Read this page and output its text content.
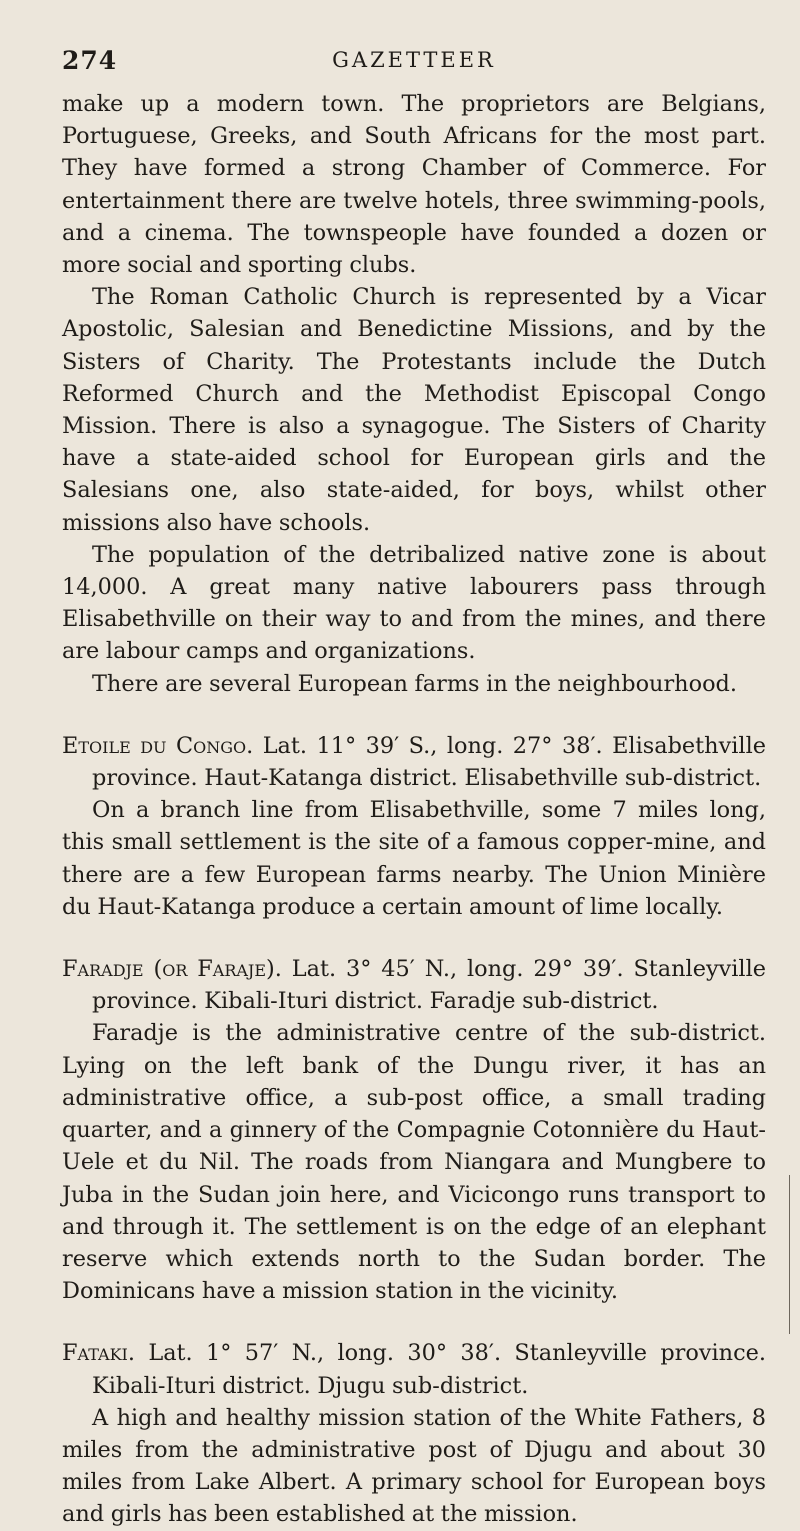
274	GAZETTEER

make up a modern town. The proprietors are Belgians, Portuguese, Greeks, and South Africans for the most part. They have formed a strong Chamber of Commerce. For entertainment there are twelve hotels, three swimming-pools, and a cinema. The townspeople have founded a dozen or more social and sporting clubs.

The Roman Catholic Church is represented by a Vicar Apostolic, Salesian and Benedictine Missions, and by the Sisters of Charity. The Protestants include the Dutch Reformed Church and the Methodist Episcopal Congo Mission. There is also a synagogue. The Sisters of Charity have a state-aided school for European girls and the Salesians one, also state-aided, for boys, whilst other missions also have schools.

The population of the detribalized native zone is about 14,000. A great many native labourers pass through Elisabethville on their way to and from the mines, and there are labour camps and organizations.

There are several European farms in the neighbourhood.

Etoile du Congo. Lat. 11° 39′ S., long. 27° 38′. Elisabethville province. Haut-Katanga district. Elisabethville sub-district.

On a branch line from Elisabethville, some 7 miles long, this small settlement is the site of a famous copper-mine, and there are a few European farms nearby. The Union Minière du Haut-Katanga produce a certain amount of lime locally.

Faradje (or Faraje). Lat. 3° 45′ N., long. 29° 39′. Stanleyville province. Kibali-Ituri district. Faradje sub-district.

Faradje is the administrative centre of the sub-district. Lying on the left bank of the Dungu river, it has an administrative office, a sub-post office, a small trading quarter, and a ginnery of the Compagnie Cotonnière du Haut-Uele et du Nil. The roads from Niangara and Mungbere to Juba in the Sudan join here, and Vicicongo runs transport to and through it. The settlement is on the edge of an elephant reserve which extends north to the Sudan border. The Dominicans have a mission station in the vicinity.

Fataki. Lat. 1° 57′ N., long. 30° 38′. Stanleyville province. Kibali-Ituri district. Djugu sub-district.

A high and healthy mission station of the White Fathers, 8 miles from the administrative post of Djugu and about 30 miles from Lake Albert. A primary school for European boys and girls has been established at the mission.
